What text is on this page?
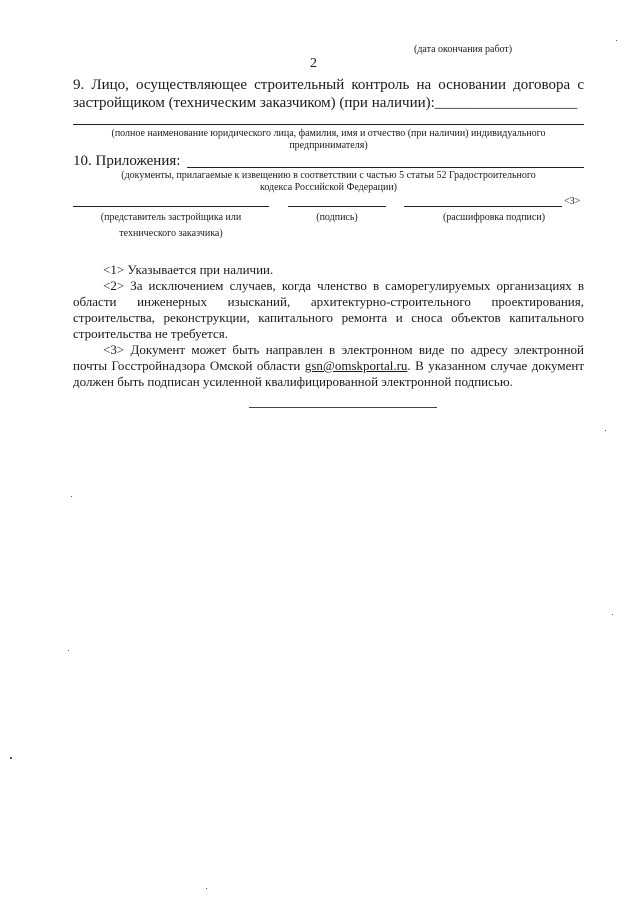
(дата окончания работ)
2
9. Лицо, осуществляющее строительный контроль на основании договора с
застройщиком (техническим заказчиком) (при наличии):___________________
(полное наименование юридического лица, фамилия, имя и отчество (при наличии) индивидуального
предпринимателя)
10. Приложения:
(документы, прилагаемые к извещению в соответствии с частью 5 статьи 52 Градостроительного
кодекса Российской Федерации)
<3>
(представитель застройщика или
технического заказчика)
(подпись)	(расшифровка подписи)
<1> Указывается при наличии.
<2> За исключением случаев, когда членство в саморегулируемых организациях в области инженерных изысканий, архитектурно-строительного проектирования, строительства, реконструкции, капитального ремонта и сноса объектов капитального строительства не требуется.
<3> Документ может быть направлен в электронном виде по адресу электронной почты Госстройнадзора Омской области gsn@omskportal.ru. В указанном случае документ должен быть подписан усиленной квалифицированной электронной подписью.
